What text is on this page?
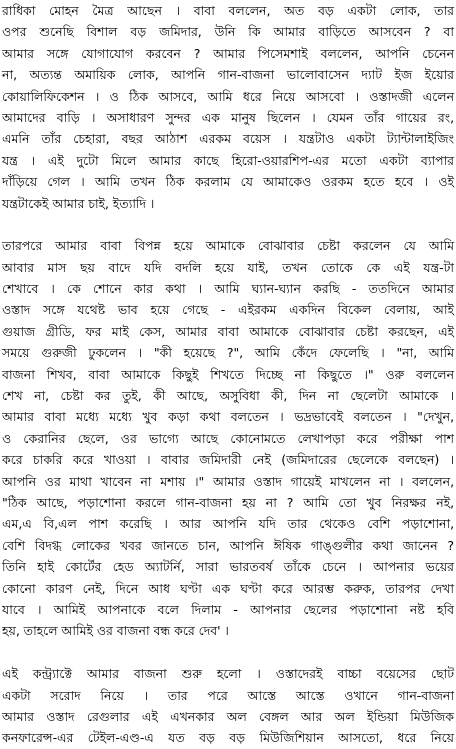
রাধিকা মোহন মৈত্র আছেন । বাবা বললেন, অত বড় একটা লোক, তার
ওপর শুনেছি বিশাল বড় জমিদার, উনি কি আমার বাড়িতে আসবেন ? বা
আমার সঙ্গে যোগাযোগ করবেন ? আমার পিসেমশাই বললেন, আপনি চেনেন
না, অত্যন্ত অমায়িক লোক, আপনি গান-বাজনা ভালোবাসেন দ্যাট ইজ ইয়োর
কোয়ালিফিকেশন । ও ঠিক আসবে, আমি ধরে নিয়ে আসবো । ওস্তাদজী এলেন
আমাদের বাড়ি । অসাধারণ সুন্দর এক মানুষ ছিলেন । যেমন তাঁর গায়ের রং,
এমনি তাঁর চেহারা, বছর আঠাশ এরকম বয়েস । যন্ত্রটাও একটা ট্যান্টালাইজিং
যন্ত্র । এই দুটো মিলে আমার কাছে হিরো-ওয়ারশিপ-এর মতো একটা ব্যাপার
দাঁড়িয়ে গেল । আমি তখন ঠিক করলাম যে আমাকেও ওরকম হতে হবে । ওই
যন্ত্রটাকেই আমার চাই, ইত্যাদি ।
তারপরে আমার বাবা বিপন্ন হয়ে আমাকে বোঝাবার চেষ্টা করলেন যে আমি
আবার মাস ছয় বাদে যদি বদলি হয়ে যাই, তখন তোকে কে এই যন্ত্র-টা
শেখাবে । কে শোনে কার কথা । আমি ঘ্যান-ঘ্যান করছি - ততদিনে আমার
ওস্তাদ সঙ্গে যথেষ্ট ভাব হয়ে গেছে - এইরকম একদিন বিকেল বেলায়, আই
গুয়াজ গ্রীডি, ফর মাই কেস, আমার বাবা আমাকে বোঝাবার চেষ্টা করছেন, এই
সময়ে গুরুজী ঢুকলেন । "কী হয়েছে ?", আমি কেঁদে ফেলেছি । "না, আমি
বাজনা শিখব, বাবা আমাকে কিছুই শিখতে দিচ্ছে না কিছুতে ।" ওরু বললেন
শেখ না, চেষ্টা কর তুই, কী আছে, অসুবিধা কী, দিন না ছেলেটা আমাকে ।
আমার বাবা মধ্যে মধ্যে খুব কড়া কথা বলতেন । ভদ্রভাবেই বলতেন । "দেখুন,
ও কেরানির ছেলে, ওর ভাগ্যে আছে কোনোমতে লেখাপড়া করে পরীক্ষা পাশ
করে চাকরি করে খাওয়া । বাবার জমিদারী নেই (জমিদারের ছেলেকে বলছেন) ।
আপনি ওর মাথা খাবেন না মশায় ।" আমার ওস্তাদ গায়েই মাখলেন না । বললেন,
"ঠিক আছে, পড়াশোনা করলে গান-বাজনা হয় না ? আমি তো খুব নিরক্ষর নই,
এম,এ বি,এল পাশ করেছি । আর আপনি যদি তার থেকেও বেশি পড়াশোনা,
বেশি বিদগ্ধ লোকের খবর জানতে চান, আপনি ঈষিক গাঙ্গুলীর কথা জানেন ?
তিনি হাই কোর্টের হেড অ্যাটর্নি, সারা ভারতবর্ষ তাঁকে চেনে । আপনার ভয়ের
কোনো কারণ নেই, দিনে আধ ঘণ্টা এক ঘণ্টা করে আরম্ভ করুক, তারপর দেখা
যাবে । আমিই আপনাকে বলে দিলাম - আপনার ছেলের পড়াশোনা নষ্ট হবি
হয়, তাহলে আমিই ওর বাজনা বন্ধ করে দেব' ।
এই কন্ট্র্যাক্টে আমার বাজনা শুরু হলো । ওস্তাদেরই বাচ্চা বয়েসের ছোট
একটা সরোদ নিয়ে । তার পরে আস্তে আস্তে ওখানে গান-বাজনা
আমার ওস্তাদ রেগুলার এই এখনকার অল বেঙ্গল আর অল ইন্ডিয়া মিউজিক
কনফারেন্স-এর টেইল-এণ্ড-এ যত বড় বড় মিউজিশিয়ান আসতো, ধরে নিয়ে
